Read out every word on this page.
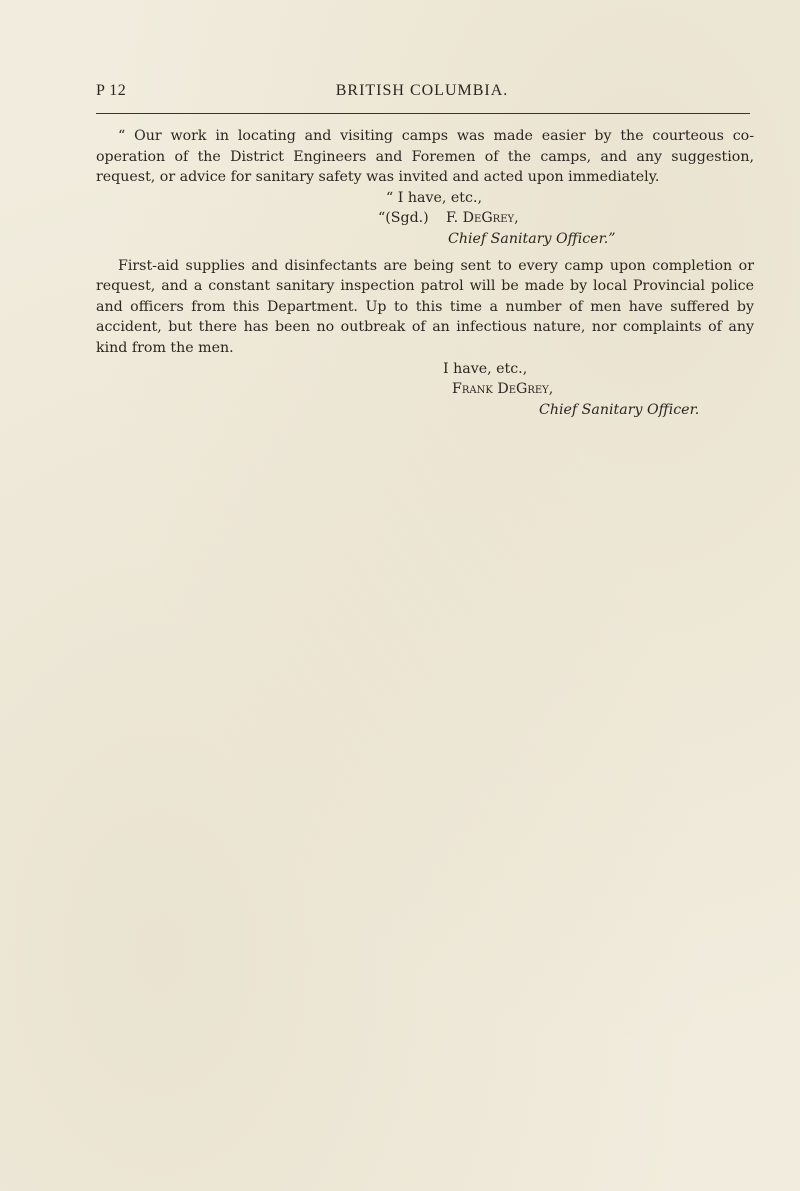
P 12	BRITISH COLUMBIA.

“ Our work in locating and visiting camps was made easier by the courteous co-operation of the District Engineers and Foremen of the camps, and any suggestion, request, or advice for sanitary safety was invited and acted upon immediately.

“ I have, etc.,

“(Sgd.) F. DeGrey,

Chief Sanitary Officer.”

First-aid supplies and disinfectants are being sent to every camp upon completion or request, and a constant sanitary inspection patrol will be made by local Provincial police and officers from this Department. Up to this time a number of men have suffered by accident, but there has been no outbreak of an infectious nature, nor complaints of any kind from the men.

I have, etc.,

Frank DeGrey,

Chief Sanitary Officer.
